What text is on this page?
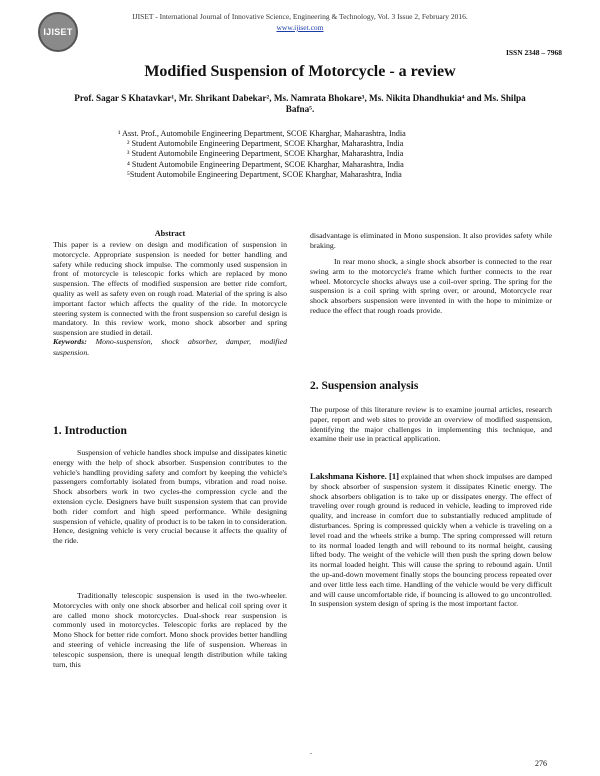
IJISET
IJISET - International Journal of Innovative Science, Engineering & Technology, Vol. 3 Issue 2, February 2016.
www.ijiset.com
ISSN 2348 – 7968
Modified Suspension of Motorcycle - a review
Prof. Sagar S Khatavkar¹, Mr. Shrikant Dabekar², Ms. Namrata Bhokare³, Ms. Nikita Dhandhukia⁴ and Ms. Shilpa
Bafna⁵.
¹ Asst. Prof., Automobile Engineering Department, SCOE Kharghar, Maharashtra, India
² Student Automobile Engineering Department, SCOE Kharghar, Maharashtra, India
³ Student Automobile Engineering Department, SCOE Kharghar, Maharashtra, India
⁴ Student Automobile Engineering Department, SCOE Kharghar, Maharashtra, India
⁵Student Automobile Engineering Department, SCOE Kharghar, Maharashtra, India
Abstract

This paper is a review on design and modification of suspension in motorcycle. Appropriate suspension is needed for better handling and safety while reducing shock impulse. The commonly used suspension in front of motorcycle is telescopic forks which are replaced by mono suspension. The effects of modified suspension are better ride comfort, quality as well as safety even on rough road. Material of the spring is also important factor which affects the quality of the ride. In motorcycle steering system is connected with the front suspension so careful design is mandatory. In this review work, mono shock absorber and spring suspension are studied in detail.

Keywords: Mono-suspension, shock absorber, damper, modified suspension.

1. Introduction

Suspension of vehicle handles shock impulse and dissipates kinetic energy with the help of shock absorber. Suspension contributes to the vehicle's handling providing safety and comfort by keeping the vehicle's passengers comfortably isolated from bumps, vibration and road noise. Shock absorbers work in two cycles-the compression cycle and the extension cycle. Designers have built suspension system that can provide both rider comfort and high speed performance. While designing suspension of vehicle, quality of product is to be taken in to consideration. Hence, designing vehicle is very crucial because it affects the quality of the ride.

Traditionally telescopic suspension is used in the two-wheeler. Motorcycles with only one shock absorber and helical coil spring over it are called mono shock motorcycles. Dual-shock rear suspension is commonly used in motorcycles. Telescopic forks are replaced by the Mono Shock for better ride comfort. Mono shock provides better handling and steering of vehicle increasing the life of suspension. Whereas in telescopic suspension, there is unequal length distribution while taking turn, this

disadvantage is eliminated in Mono suspension. It also provides safety while braking.

In rear mono shock, a single shock absorber is connected to the rear swing arm to the motorcycle's frame which further connects to the rear wheel. Motorcycle shocks always use a coil-over spring. The spring for the suspension is a coil spring with spring over, or around, Motorcycle rear shock absorbers suspension were invented in with the hope to minimize or reduce the effect that rough roads provide.

2. Suspension analysis

The purpose of this literature review is to examine journal articles, research paper, report and web sites to provide an overview of modified suspension, identifying the major challenges in implementing this technique, and examine their use in practical application.

Lakshmana Kishore. [1] explained that when shock impulses are damped by shock absorber of suspension system it dissipates Kinetic energy. The shock absorbers obligation is to take up or dissipates energy. The effect of traveling over rough ground is reduced in vehicle, leading to improved ride quality, and increase in comfort due to substantially reduced amplitude of disturbances. Spring is compressed quickly when a vehicle is traveling on a level road and the wheels strike a bump. The spring compressed will return to its normal loaded length and will rebound to its normal height, causing lifted body. The weight of the vehicle will then push the spring down below its normal loaded height. This will cause the spring to rebound again. Until the up-and-down movement finally stops the bouncing process repeated over and over little less each time. Handling of the vehicle would be very difficult and will cause uncomfortable ride, if bouncing is allowed to go uncontrolled. In suspension system design of spring is the most important factor.

.
276
